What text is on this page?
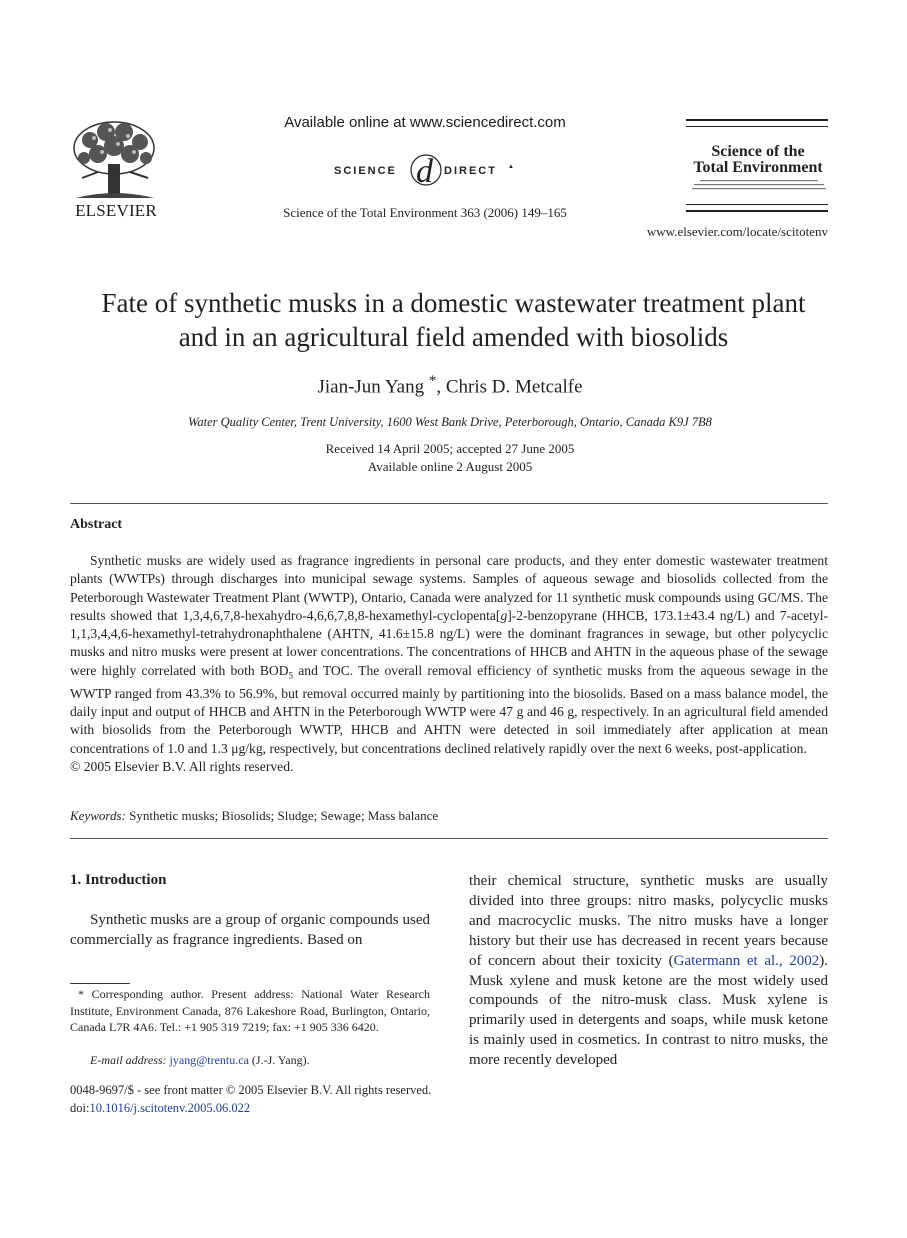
ELSEVIER
Available online at www.sciencedirect.com
SCIENCE d DIRECT ▲
Science of the Total Environment 363 (2006) 149–165
Science of the
Total Environment
www.elsevier.com/locate/scitotenv
Fate of synthetic musks in a domestic wastewater treatment plant
and in an agricultural field amended with biosolids
Jian-Jun Yang *, Chris D. Metcalfe
Water Quality Center, Trent University, 1600 West Bank Drive, Peterborough, Ontario, Canada K9J 7B8
Received 14 April 2005; accepted 27 June 2005
Available online 2 August 2005
Abstract
Synthetic musks are widely used as fragrance ingredients in personal care products, and they enter domestic wastewater treatment plants (WWTPs) through discharges into municipal sewage systems. Samples of aqueous sewage and biosolids collected from the Peterborough Wastewater Treatment Plant (WWTP), Ontario, Canada were analyzed for 11 synthetic musk compounds using GC/MS. The results showed that 1,3,4,6,7,8-hexahydro-4,6,6,7,8,8-hexamethyl-cyclopenta[g]-2-benzopyrane (HHCB, 173.1±43.4 ng/L) and 7-acetyl-1,1,3,4,4,6-hexamethyl-tetrahydronaphthalene (AHTN, 41.6±15.8 ng/L) were the dominant fragrances in sewage, but other polycyclic musks and nitro musks were present at lower concentrations. The concentrations of HHCB and AHTN in the aqueous phase of the sewage were highly correlated with both $BOD_5$ and TOC. The overall removal efficiency of synthetic musks from the aqueous sewage in the WWTP ranged from 43.3% to 56.9%, but removal occurred mainly by partitioning into the biosolids. Based on a mass balance model, the daily input and output of HHCB and AHTN in the Peterborough WWTP were 47 g and 46 g, respectively. In an agricultural field amended with biosolids from the Peterborough WWTP, HHCB and AHTN were detected in soil immediately after application at mean concentrations of 1.0 and 1.3 μg/kg, respectively, but concentrations declined relatively rapidly over the next 6 weeks, post-application.
© 2005 Elsevier B.V. All rights reserved.
Keywords: Synthetic musks; Biosolids; Sludge; Sewage; Mass balance
1. Introduction
Synthetic musks are a group of organic compounds used commercially as fragrance ingredients. Based on
their chemical structure, synthetic musks are usually divided into three groups: nitro masks, polycyclic musks and macrocyclic musks. The nitro musks have a longer history but their use has decreased in recent years because of concern about their toxicity (Gatermann et al., 2002). Musk xylene and musk ketone are the most widely used compounds of the nitro-musk class. Musk xylene is primarily used in detergents and soaps, while musk ketone is mainly used in cosmetics. In contrast to nitro musks, the more recently developed
* Corresponding author. Present address: National Water Research Institute, Environment Canada, 876 Lakeshore Road, Burlington, Ontario, Canada L7R 4A6. Tel.: +1 905 319 7219; fax: +1 905 336 6420.
E-mail address: jyang@trentu.ca (J.-J. Yang).
0048-9697/$ - see front matter © 2005 Elsevier B.V. All rights reserved.
doi:10.1016/j.scitotenv.2005.06.022
